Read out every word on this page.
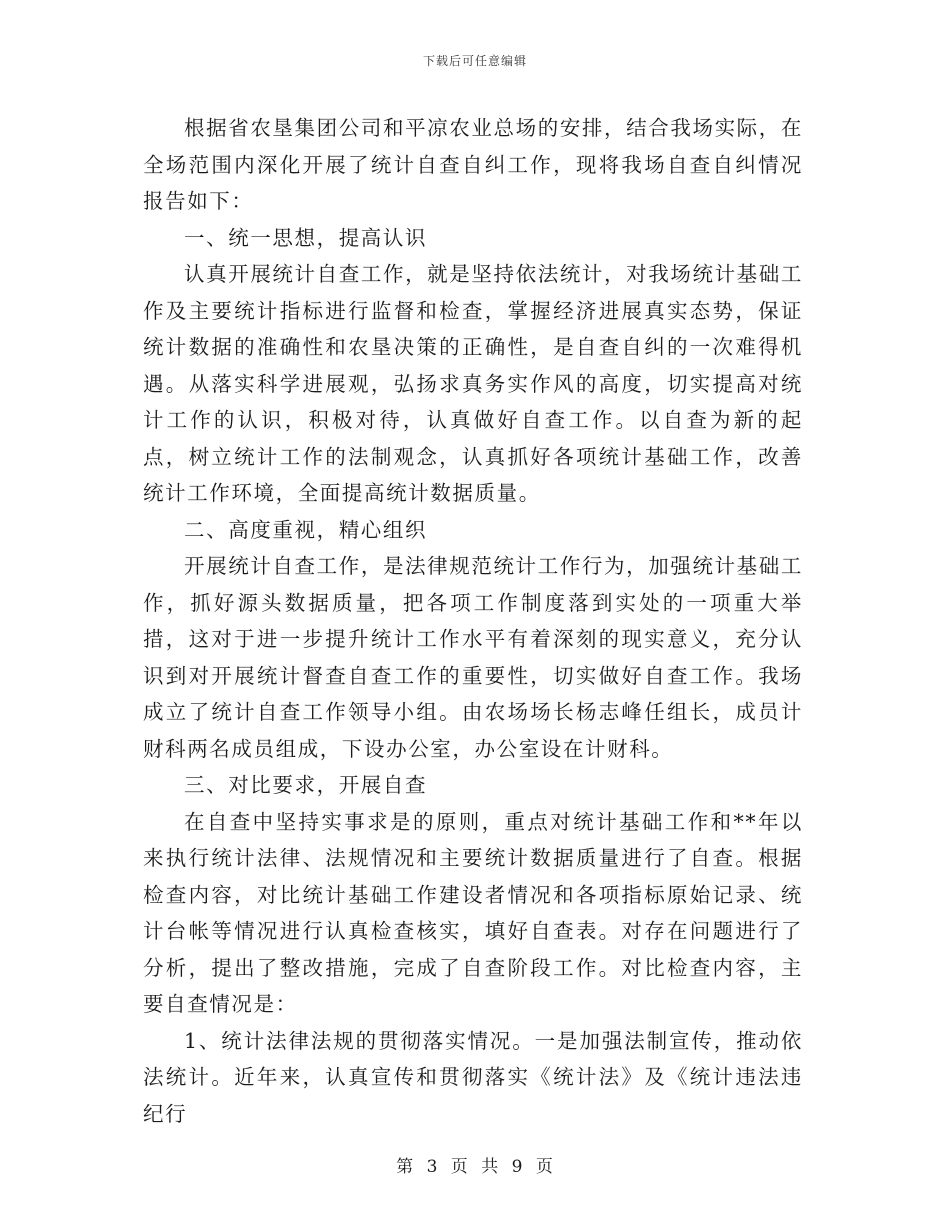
下载后可任意编辑

根据省农垦集团公司和平凉农业总场的安排，结合我场实际，在全场范围内深化开展了统计自查自纠工作，现将我场自查自纠情况报告如下：

一、统一思想，提高认识

认真开展统计自查工作，就是坚持依法统计，对我场统计基础工作及主要统计指标进行监督和检查，掌握经济进展真实态势，保证统计数据的准确性和农垦决策的正确性，是自查自纠的一次难得机遇。从落实科学进展观，弘扬求真务实作风的高度，切实提高对统计工作的认识，积极对待，认真做好自查工作。以自查为新的起点，树立统计工作的法制观念，认真抓好各项统计基础工作，改善统计工作环境，全面提高统计数据质量。

二、高度重视，精心组织

开展统计自查工作，是法律规范统计工作行为，加强统计基础工作，抓好源头数据质量，把各项工作制度落到实处的一项重大举措，这对于进一步提升统计工作水平有着深刻的现实意义，充分认识到对开展统计督查自查工作的重要性，切实做好自查工作。我场成立了统计自查工作领导小组。由农场场长杨志峰任组长，成员计财科两名成员组成，下设办公室，办公室设在计财科。

三、对比要求，开展自查

在自查中坚持实事求是的原则，重点对统计基础工作和**年以来执行统计法律、法规情况和主要统计数据质量进行了自查。根据检查内容，对比统计基础工作建设者情况和各项指标原始记录、统计台帐等情况进行认真检查核实，填好自查表。对存在问题进行了分析，提出了整改措施，完成了自查阶段工作。对比检查内容，主要自查情况是：

1、统计法律法规的贯彻落实情况。一是加强法制宣传，推动依法统计。近年来，认真宣传和贯彻落实《统计法》及《统计违法违纪行

第 3 页 共 9 页
